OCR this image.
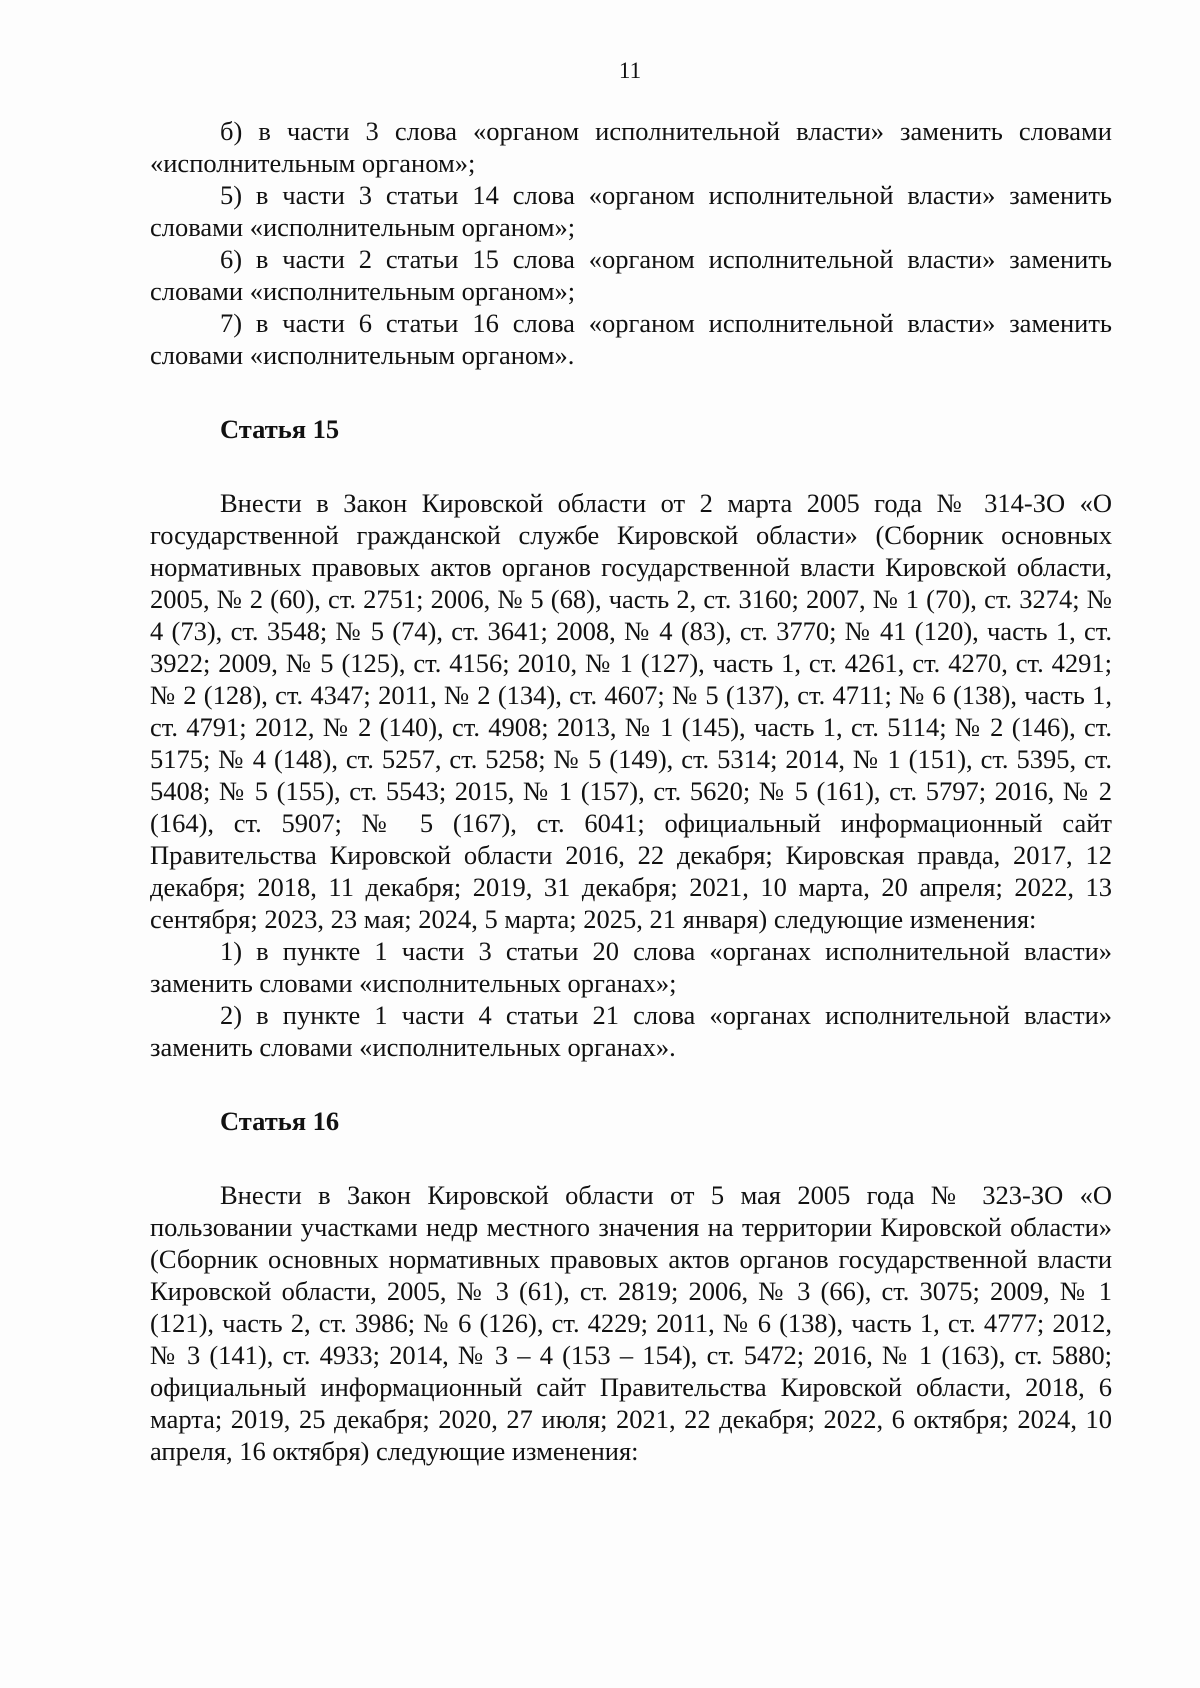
11

б) в части 3 слова «органом исполнительной власти» заменить словами «исполнительным органом»;

5) в части 3 статьи 14 слова «органом исполнительной власти» заменить словами «исполнительным органом»;

6) в части 2 статьи 15 слова «органом исполнительной власти» заменить словами «исполнительным органом»;

7) в части 6 статьи 16 слова «органом исполнительной власти» заменить словами «исполнительным органом».

Статья 15

Внести в Закон Кировской области от 2 марта 2005 года № 314-ЗО «О государственной гражданской службе Кировской области» (Сборник основных нормативных правовых актов органов государственной власти Кировской области, 2005, № 2 (60), ст. 2751; 2006, № 5 (68), часть 2, ст. 3160; 2007, № 1 (70), ст. 3274; № 4 (73), ст. 3548; № 5 (74), ст. 3641; 2008, № 4 (83), ст. 3770; № 41 (120), часть 1, ст. 3922; 2009, № 5 (125), ст. 4156; 2010, № 1 (127), часть 1, ст. 4261, ст. 4270, ст. 4291; № 2 (128), ст. 4347; 2011, № 2 (134), ст. 4607; № 5 (137), ст. 4711; № 6 (138), часть 1, ст. 4791; 2012, № 2 (140), ст. 4908; 2013, № 1 (145), часть 1, ст. 5114; № 2 (146), ст. 5175; № 4 (148), ст. 5257, ст. 5258; № 5 (149), ст. 5314; 2014, № 1 (151), ст. 5395, ст. 5408; № 5 (155), ст. 5543; 2015, № 1 (157), ст. 5620; № 5 (161), ст. 5797; 2016, № 2 (164), ст. 5907; № 5 (167), ст. 6041; официальный информационный сайт Правительства Кировской области 2016, 22 декабря; Кировская правда, 2017, 12 декабря; 2018, 11 декабря; 2019, 31 декабря; 2021, 10 марта, 20 апреля; 2022, 13 сентября; 2023, 23 мая; 2024, 5 марта; 2025, 21 января) следующие изменения:

1) в пункте 1 части 3 статьи 20 слова «органах исполнительной власти» заменить словами «исполнительных органах»;

2) в пункте 1 части 4 статьи 21 слова «органах исполнительной власти» заменить словами «исполнительных органах».

Статья 16

Внести в Закон Кировской области от 5 мая 2005 года № 323-ЗО «О пользовании участками недр местного значения на территории Кировской области» (Сборник основных нормативных правовых актов органов государственной власти Кировской области, 2005, № 3 (61), ст. 2819; 2006, № 3 (66), ст. 3075; 2009, № 1 (121), часть 2, ст. 3986; № 6 (126), ст. 4229; 2011, № 6 (138), часть 1, ст. 4777; 2012, № 3 (141), ст. 4933; 2014, № 3 – 4 (153 – 154), ст. 5472; 2016, № 1 (163), ст. 5880; официальный информационный сайт Правительства Кировской области, 2018, 6 марта; 2019, 25 декабря; 2020, 27 июля; 2021, 22 декабря; 2022, 6 октября; 2024, 10 апреля, 16 октября) следующие изменения:
